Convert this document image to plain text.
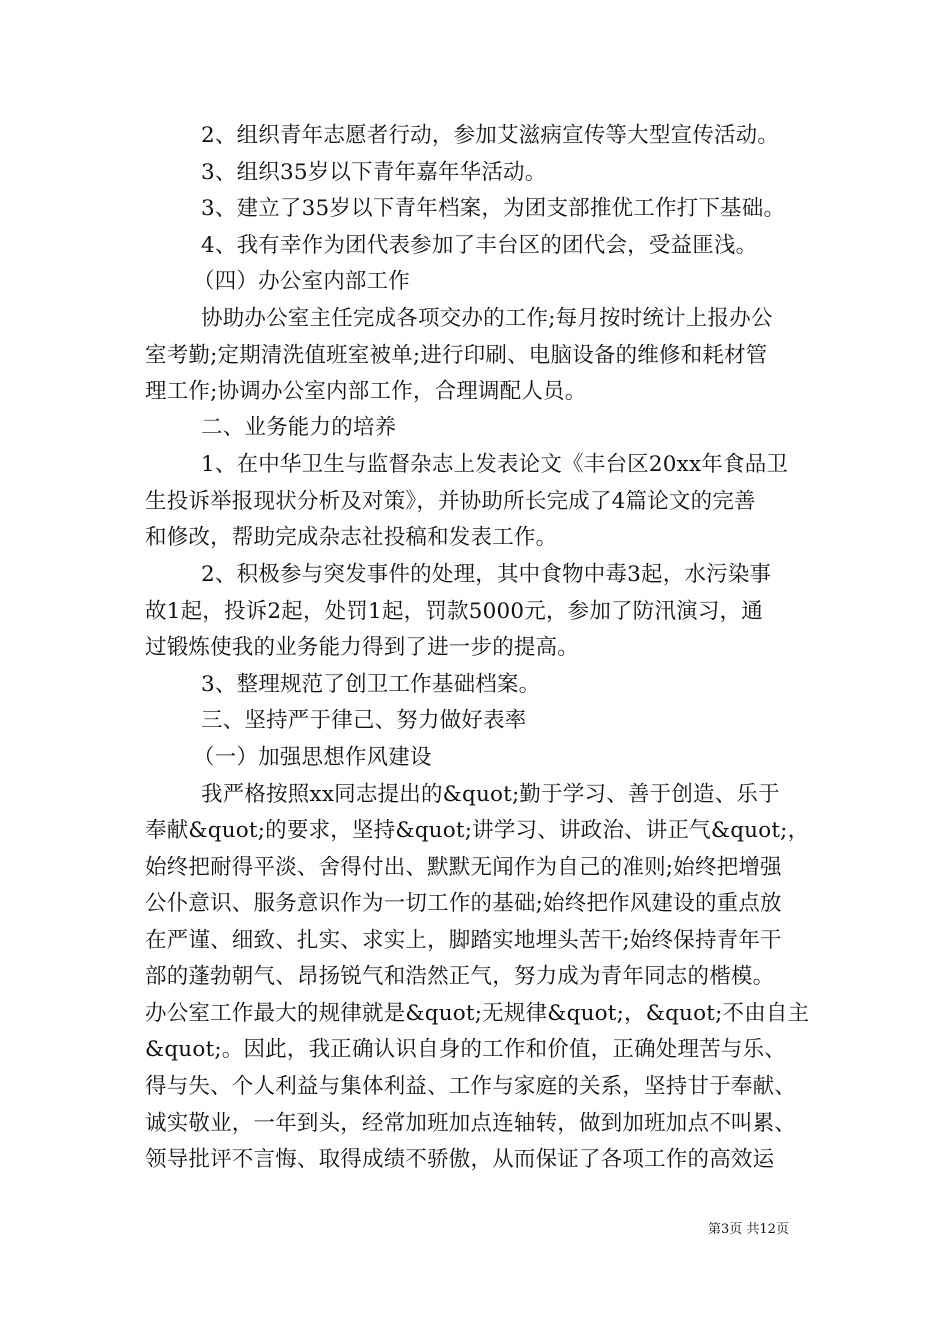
2、组织青年志愿者行动，参加艾滋病宣传等大型宣传活动。
3、组织35岁以下青年嘉年华活动。
3、建立了35岁以下青年档案，为团支部推优工作打下基础。
4、我有幸作为团代表参加了丰台区的团代会，受益匪浅。
（四）办公室内部工作
协助办公室主任完成各项交办的工作;每月按时统计上报办公
室考勤;定期清洗值班室被单;进行印刷、电脑设备的维修和耗材管
理工作;协调办公室内部工作，合理调配人员。
二、业务能力的培养
1、在中华卫生与监督杂志上发表论文《丰台区20xx年食品卫
生投诉举报现状分析及对策》，并协助所长完成了4篇论文的完善
和修改，帮助完成杂志社投稿和发表工作。
2、积极参与突发事件的处理，其中食物中毒3起，水污染事
故1起，投诉2起，处罚1起，罚款5000元，参加了防汛演习，通
过锻炼使我的业务能力得到了进一步的提高。
3、整理规范了创卫工作基础档案。
三、坚持严于律己、努力做好表率
（一）加强思想作风建设
我严格按照xx同志提出的&quot;勤于学习、善于创造、乐于
奉献&quot;的要求，坚持&quot;讲学习、讲政治、讲正气&quot;，
始终把耐得平淡、舍得付出、默默无闻作为自己的准则;始终把增强
公仆意识、服务意识作为一切工作的基础;始终把作风建设的重点放
在严谨、细致、扎实、求实上，脚踏实地埋头苦干;始终保持青年干
部的蓬勃朝气、昂扬锐气和浩然正气，努力成为青年同志的楷模。
办公室工作最大的规律就是&quot;无规律&quot;，&quot;不由自主
&quot;。因此，我正确认识自身的工作和价值，正确处理苦与乐、
得与失、个人利益与集体利益、工作与家庭的关系，坚持甘于奉献、
诚实敬业，一年到头，经常加班加点连轴转，做到加班加点不叫累、
领导批评不言悔、取得成绩不骄傲，从而保证了各项工作的高效运
第3页 共12页
